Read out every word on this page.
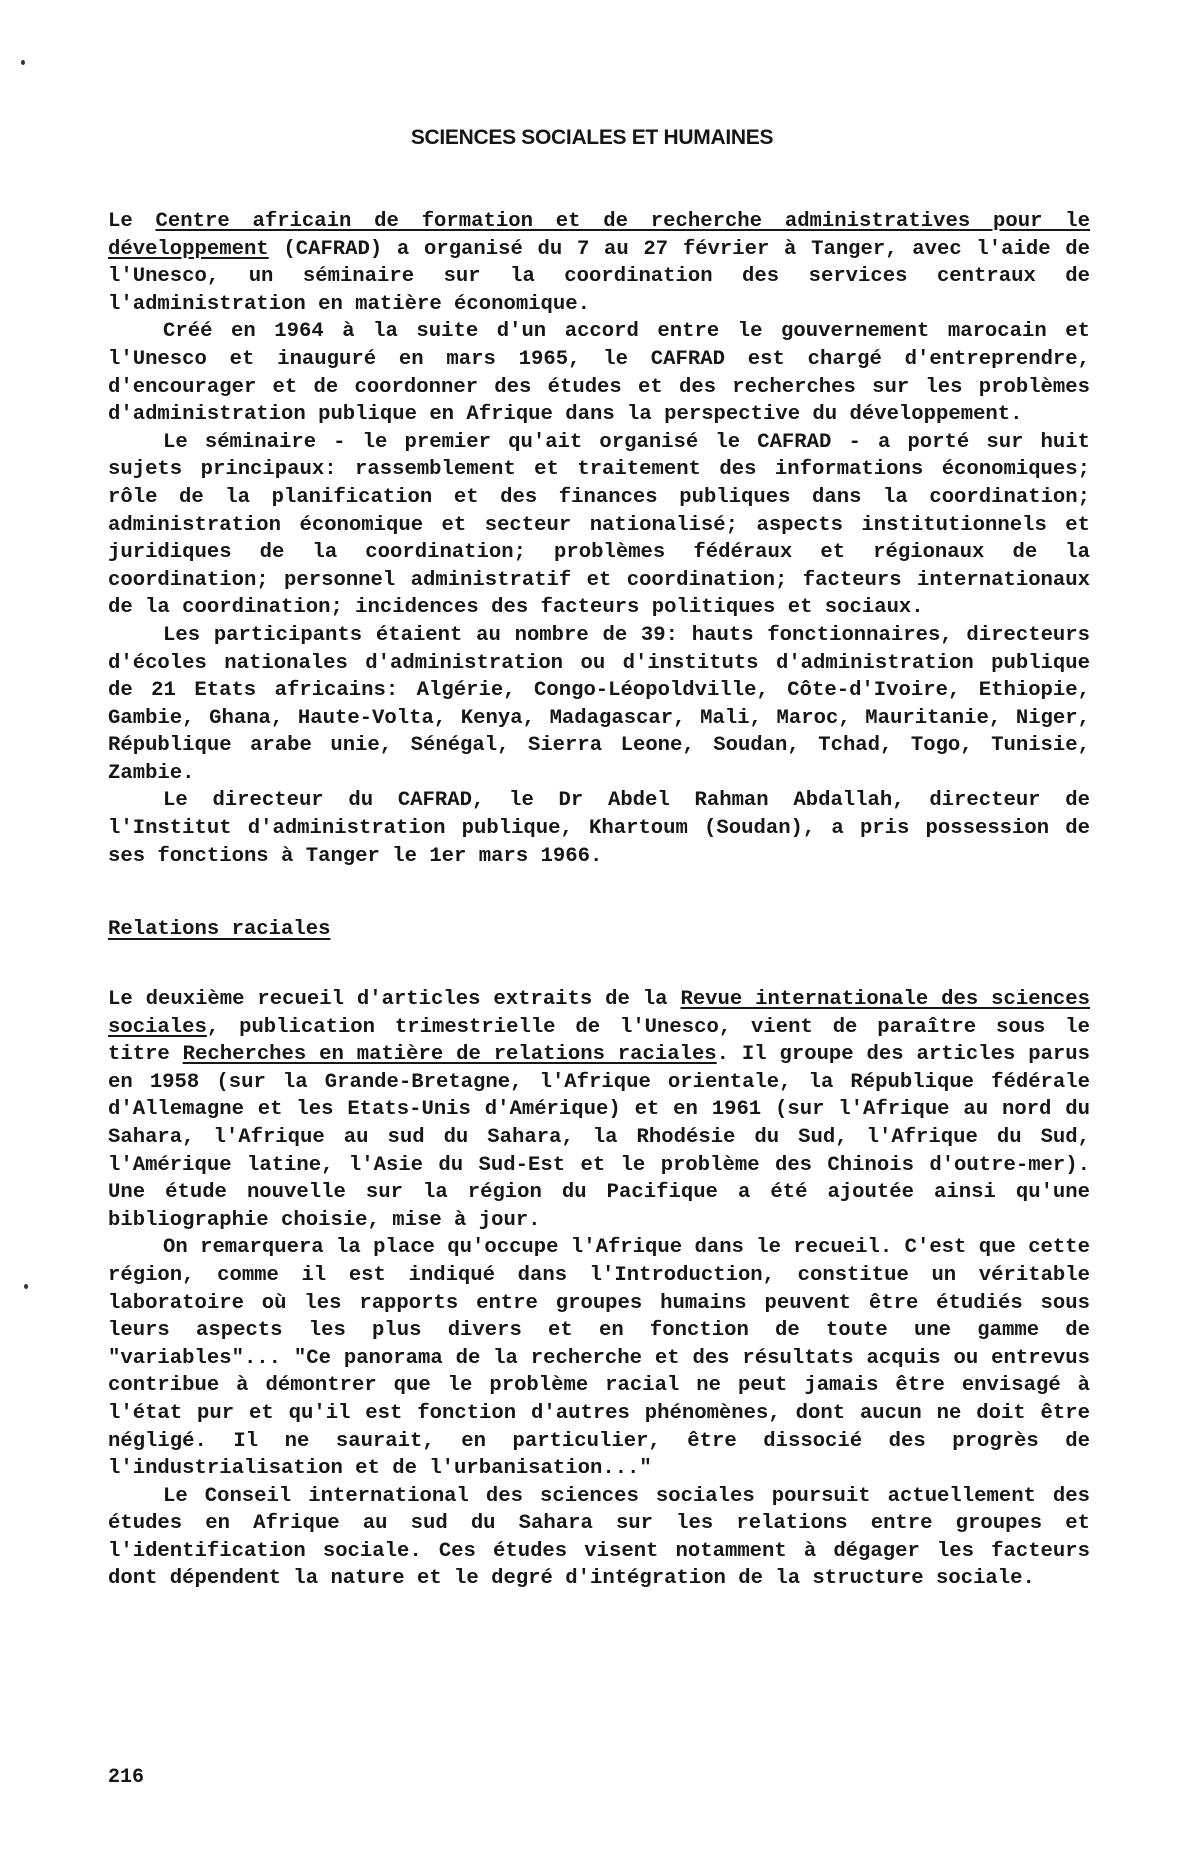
SCIENCES SOCIALES ET HUMAINES

Le Centre africain de formation et de recherche administratives pour le développement (CAFRAD) a organisé du 7 au 27 février à Tanger, avec l'aide de l'Unesco, un séminaire sur la coordination des services centraux de l'administration en matière économique.

Créé en 1964 à la suite d'un accord entre le gouvernement marocain et l'Unesco et inauguré en mars 1965, le CAFRAD est chargé d'entreprendre, d'encourager et de coordonner des études et des recherches sur les problèmes d'administration publique en Afrique dans la perspective du développement.

Le séminaire - le premier qu'ait organisé le CAFRAD - a porté sur huit sujets principaux: rassemblement et traitement des informations économiques; rôle de la planification et des finances publiques dans la coordination; administration économique et secteur nationalisé; aspects institutionnels et juridiques de la coordination; problèmes fédéraux et régionaux de la coordination; personnel administratif et coordination; facteurs internationaux de la coordination; incidences des facteurs politiques et sociaux.

Les participants étaient au nombre de 39: hauts fonctionnaires, directeurs d'écoles nationales d'administration ou d'instituts d'administration publique de 21 Etats africains: Algérie, Congo-Léopoldville, Côte-d'Ivoire, Ethiopie, Gambie, Ghana, Haute-Volta, Kenya, Madagascar, Mali, Maroc, Mauritanie, Niger, République arabe unie, Sénégal, Sierra Leone, Soudan, Tchad, Togo, Tunisie, Zambie.

Le directeur du CAFRAD, le Dr Abdel Rahman Abdallah, directeur de l'Institut d'administration publique, Khartoum (Soudan), a pris possession de ses fonctions à Tanger le 1er mars 1966.

Relations raciales

Le deuxième recueil d'articles extraits de la Revue internationale des sciences sociales, publication trimestrielle de l'Unesco, vient de paraître sous le titre Recherches en matière de relations raciales. Il groupe des articles parus en 1958 (sur la Grande-Bretagne, l'Afrique orientale, la République fédérale d'Allemagne et les Etats-Unis d'Amérique) et en 1961 (sur l'Afrique au nord du Sahara, l'Afrique au sud du Sahara, la Rhodésie du Sud, l'Afrique du Sud, l'Amérique latine, l'Asie du Sud-Est et le problème des Chinois d'outre-mer). Une étude nouvelle sur la région du Pacifique a été ajoutée ainsi qu'une bibliographie choisie, mise à jour.

On remarquera la place qu'occupe l'Afrique dans le recueil. C'est que cette région, comme il est indiqué dans l'Introduction, constitue un véritable laboratoire où les rapports entre groupes humains peuvent être étudiés sous leurs aspects les plus divers et en fonction de toute une gamme de "variables"... "Ce panorama de la recherche et des résultats acquis ou entrevus contribue à démontrer que le problème racial ne peut jamais être envisagé à l'état pur et qu'il est fonction d'autres phénomènes, dont aucun ne doit être négligé. Il ne saurait, en particulier, être dissocié des progrès de l'industrialisation et de l'urbanisation..."

Le Conseil international des sciences sociales poursuit actuellement des études en Afrique au sud du Sahara sur les relations entre groupes et l'identification sociale. Ces études visent notamment à dégager les facteurs dont dépendent la nature et le degré d'intégration de la structure sociale.

216
